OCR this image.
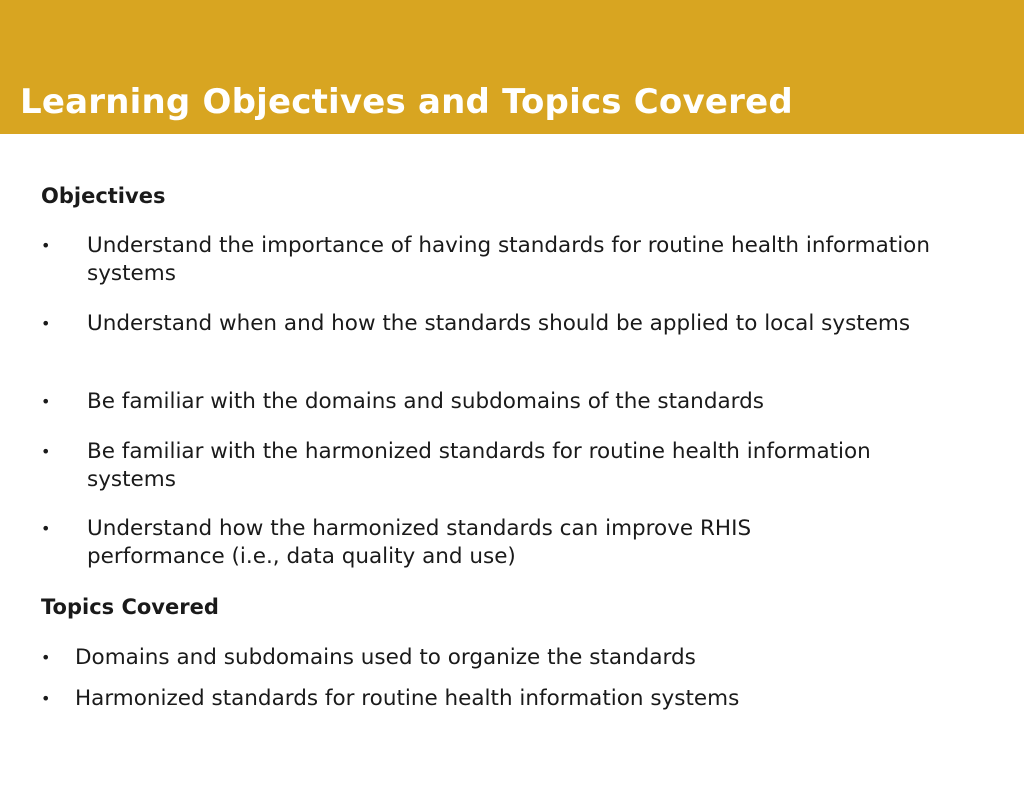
Learning Objectives and Topics Covered
Objectives
• Understand the importance of having standards for routine health information systems

• Understand when and how the standards should be applied to local systems

• Be familiar with the domains and subdomains of the standards

• Be familiar with the harmonized standards for routine health information systems

• Understand how the harmonized standards can improve RHIS performance (i.e., data quality and use)

Topics Covered
• Domains and subdomains used to organize the standards

• Harmonized standards for routine health information systems
